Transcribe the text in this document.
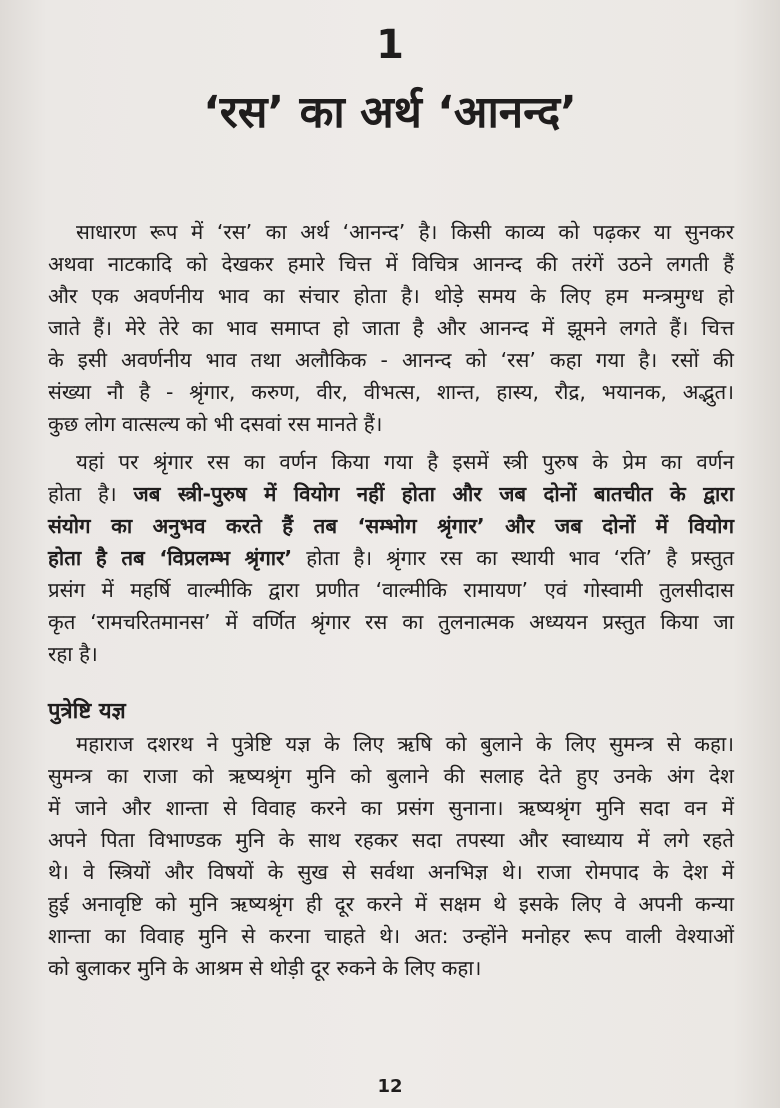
1
‘रस’ का अर्थ ‘आनन्द’
साधारण रूप में ‘रस’ का अर्थ ‘आनन्द’ है। किसी काव्य को पढ़कर या सुनकर
अथवा नाटकादि को देखकर हमारे चित्त में विचित्र आनन्द की तरंगें उठने लगती हैं
और एक अवर्णनीय भाव का संचार होता है। थोड़े समय के लिए हम मन्त्रमुग्ध हो
जाते हैं। मेरे तेरे का भाव समाप्त हो जाता है और आनन्द में झूमने लगते हैं। चित्त
के इसी अवर्णनीय भाव तथा अलौकिक - आनन्द को ‘रस’ कहा गया है। रसों की
संख्या नौ है - श्रृंगार, करुण, वीर, वीभत्स, शान्त, हास्य, रौद्र, भयानक, अद्भुत।
कुछ लोग वात्सल्य को भी दसवां रस मानते हैं।
यहां पर श्रृंगार रस का वर्णन किया गया है इसमें स्त्री पुरुष के प्रेम का वर्णन
होता है। जब स्त्री-पुरुष में वियोग नहीं होता और जब दोनों बातचीत के द्वारा
संयोग का अनुभव करते हैं तब ‘सम्भोग श्रृंगार’ और जब दोनों में वियोग
होता है तब ‘विप्रलम्भ श्रृंगार’ होता है। श्रृंगार रस का स्थायी भाव ‘रति’ है प्रस्तुत
प्रसंग में महर्षि वाल्मीकि द्वारा प्रणीत ‘वाल्मीकि रामायण’ एवं गोस्वामी तुलसीदास
कृत ‘रामचरितमानस’ में वर्णित श्रृंगार रस का तुलनात्मक अध्ययन प्रस्तुत किया जा
रहा है।
पुत्रेष्टि यज्ञ
महाराज दशरथ ने पुत्रेष्टि यज्ञ के लिए ऋषि को बुलाने के लिए सुमन्त्र से कहा।
सुमन्त्र का राजा को ऋष्यश्रृंग मुनि को बुलाने की सलाह देते हुए उनके अंग देश
में जाने और शान्ता से विवाह करने का प्रसंग सुनाना। ऋष्यश्रृंग मुनि सदा वन में
अपने पिता विभाण्डक मुनि के साथ रहकर सदा तपस्या और स्वाध्याय में लगे रहते
थे। वे स्त्रियों और विषयों के सुख से सर्वथा अनभिज्ञ थे। राजा रोमपाद के देश में
हुई अनावृष्टि को मुनि ऋष्यश्रृंग ही दूर करने में सक्षम थे इसके लिए वे अपनी कन्या
शान्ता का विवाह मुनि से करना चाहते थे। अत: उन्होंने मनोहर रूप वाली वेश्याओं
को बुलाकर मुनि के आश्रम से थोड़ी दूर रुकने के लिए कहा।
12
